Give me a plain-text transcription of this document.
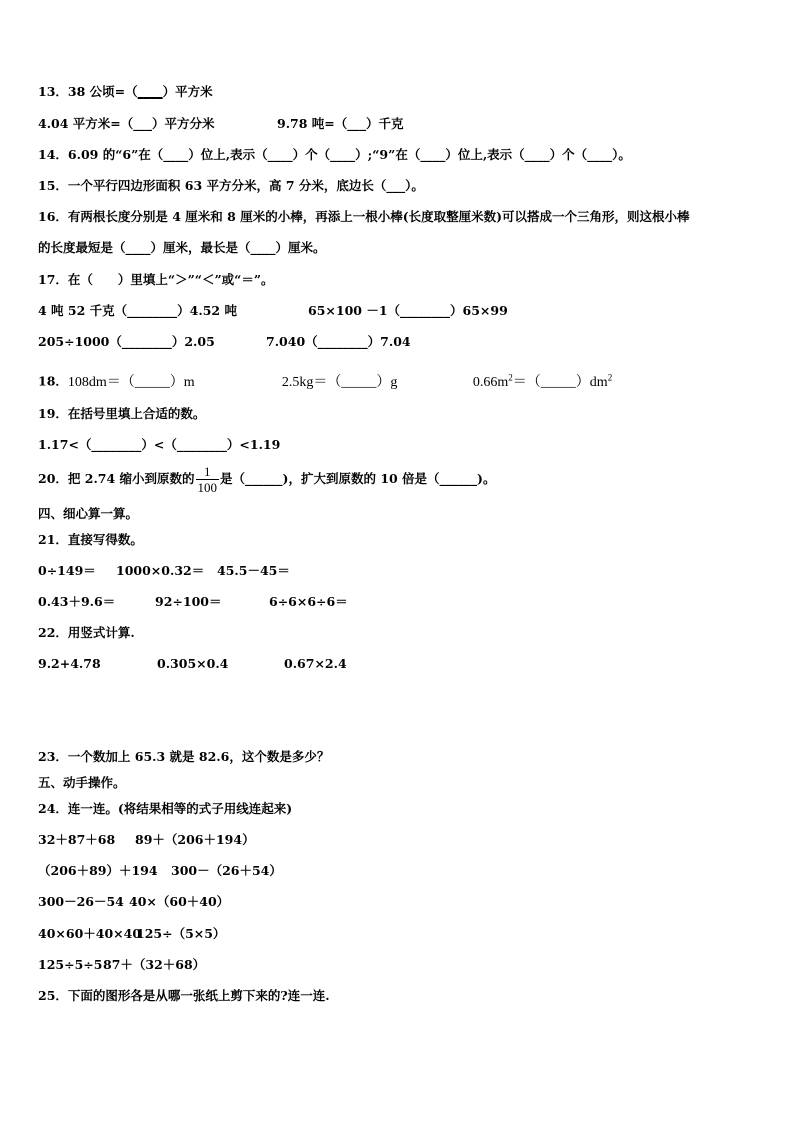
13．38 公顷=（____）平方米
4.04 平方米=（___）平方分米	9.78 吨=（___）千克
14．6.09 的“6”在（____）位上,表示（____）个（____）;“9”在（____）位上,表示（____）个（____）。
15．一个平行四边形面积 63 平方分米，高 7 分米，底边长（___）。
16．有两根长度分别是 4 厘米和 8 厘米的小棒，再添上一根小棒(长度取整厘米数)可以搭成一个三角形，则这根小棒
的长度最短是（____）厘米，最长是（____）厘米。
17．在（　　）里填上“＞”“＜”或“＝”。
4 吨 52 千克（________）4.52 吨	65×100 －1（________）65×99
205÷1000（________）2.05	7.040（________）7.04
18．108dm＝（_____）m	2.5kg＝（_____）g	$0.66m^2=(\_\_\_\_\_)dm^2$
19．在括号里填上合适的数。
1.17<（________）<（________）<1.19
20．把 2.74 缩小到原数的 $\frac{1}{100}$ 是（______)，扩大到原数的 10 倍是（______)。
四、细心算一算。
21．直接写得数。
0÷149＝ 1000×0.32＝ 45.5－45＝
0.43＋9.6＝	92÷100＝	6÷6×6÷6＝
22．用竖式计算.
9.2+4.78	0.305×0.4	0.67×2.4
23．一个数加上 65.3 就是 82.6，这个数是多少？
五、动手操作。
24．连一连。(将结果相等的式子用线连起来)
32＋87＋68 89＋（206＋194）
（206＋89）＋194 300－（26＋54）
300－26－54 40×（60＋40）
40×60＋40×40125÷（5×5）
125÷5÷587＋（32＋68）
25．下面的图形各是从哪一张纸上剪下来的?连一连.
